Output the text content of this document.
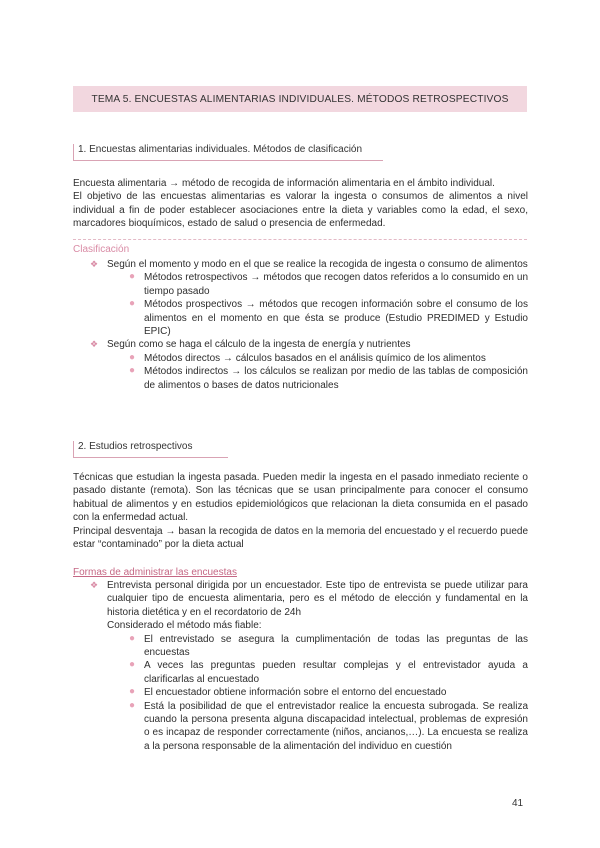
TEMA 5. ENCUESTAS ALIMENTARIAS INDIVIDUALES. MÉTODOS RETROSPECTIVOS
1. Encuestas alimentarias individuales. Métodos de clasificación

Encuesta alimentaria → método de recogida de información alimentaria en el ámbito individual.

El objetivo de las encuestas alimentarias es valorar la ingesta o consumos de alimentos a nivel individual a fin de poder establecer asociaciones entre la dieta y variables como la edad, el sexo, marcadores bioquímicos, estado de salud o presencia de enfermedad.

Clasificación
❖ Según el momento y modo en el que se realice la recogida de ingesta o consumo de alimentos
● Métodos retrospectivos → métodos que recogen datos referidos a lo consumido en un tiempo pasado
● Métodos prospectivos → métodos que recogen información sobre el consumo de los alimentos en el momento en que ésta se produce (Estudio PREDIMED y Estudio EPIC)
❖ Según como se haga el cálculo de la ingesta de energía y nutrientes
● Métodos directos → cálculos basados en el análisis químico de los alimentos
● Métodos indirectos → los cálculos se realizan por medio de las tablas de composición de alimentos o bases de datos nutricionales
2. Estudios retrospectivos

Técnicas que estudian la ingesta pasada. Pueden medir la ingesta en el pasado inmediato reciente o pasado distante (remota). Son las técnicas que se usan principalmente para conocer el consumo habitual de alimentos y en estudios epidemiológicos que relacionan la dieta consumida en el pasado con la enfermedad actual.

Principal desventaja → basan la recogida de datos en la memoria del encuestado y el recuerdo puede estar “contaminado” por la dieta actual

Formas de administrar las encuestas
❖ Entrevista personal dirigida por un encuestador. Este tipo de entrevista se puede utilizar para cualquier tipo de encuesta alimentaria, pero es el método de elección y fundamental en la historia dietética y en el recordatorio de 24h
Considerado el método más fiable:
● El entrevistado se asegura la cumplimentación de todas las preguntas de las encuestas
● A veces las preguntas pueden resultar complejas y el entrevistador ayuda a clarificarlas al encuestado
● El encuestador obtiene información sobre el entorno del encuestado
● Está la posibilidad de que el entrevistador realice la encuesta subrogada. Se realiza cuando la persona presenta alguna discapacidad intelectual, problemas de expresión o es incapaz de responder correctamente (niños, ancianos,…). La encuesta se realiza a la persona responsable de la alimentación del individuo en cuestión
41
